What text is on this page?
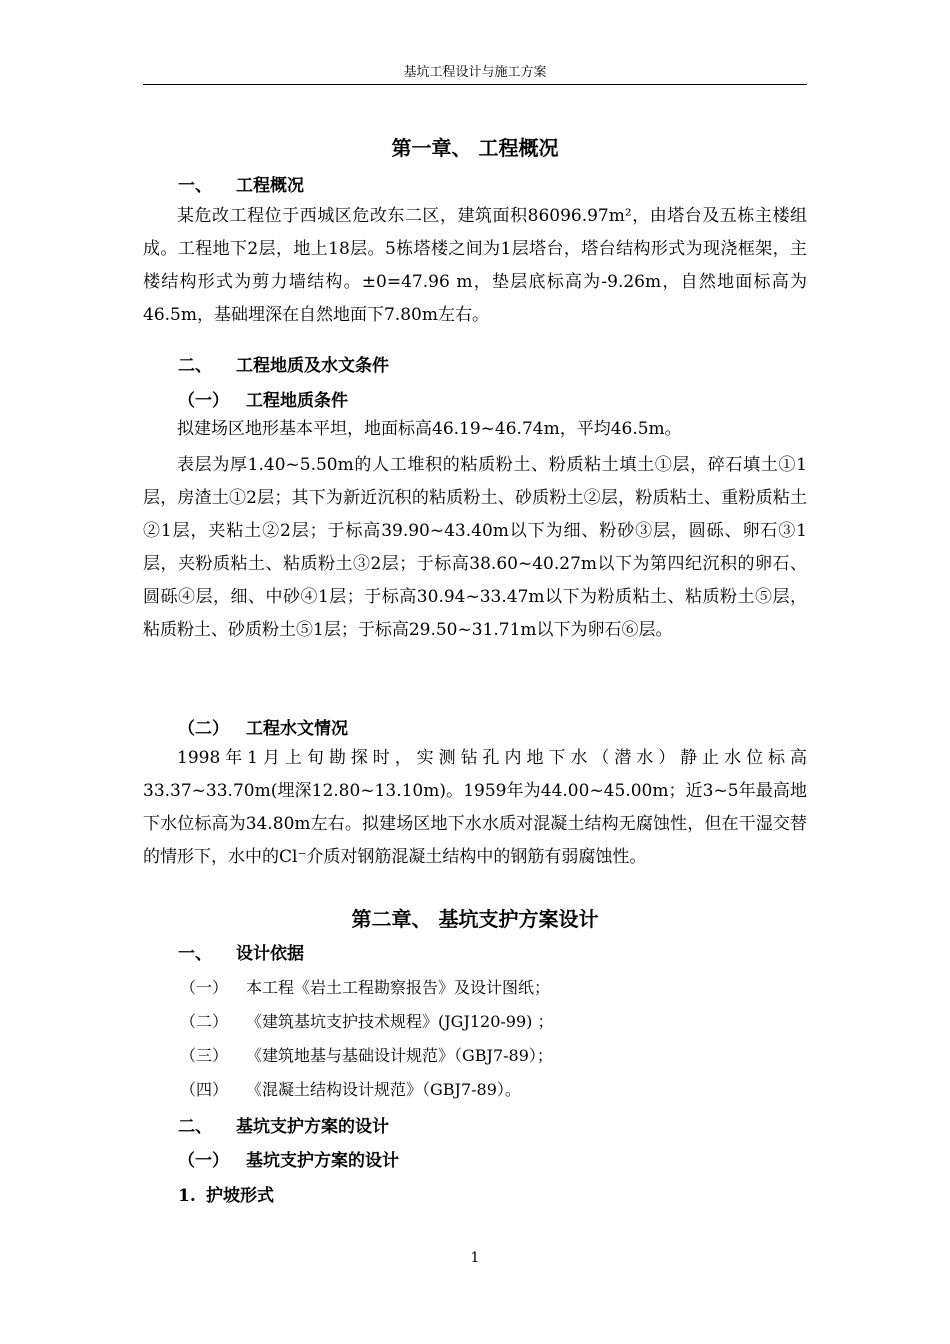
基坑工程设计与施工方案
第一章、 工程概况
一、 工程概况
某危改工程位于西城区危改东二区，建筑面积86096.97m²，由塔台及五栋主楼组成。工程地下2层，地上18层。5栋塔楼之间为1层塔台，塔台结构形式为现浇框架，主楼结构形式为剪力墙结构。±0=47.96 m，垫层底标高为-9.26m，自然地面标高为46.5m，基础埋深在自然地面下7.80m左右。
二、 工程地质及水文条件
（一） 工程地质条件
拟建场区地形基本平坦，地面标高46.19~46.74m，平均46.5m。
表层为厚1.40~5.50m的人工堆积的粘质粉土、粉质粘土填土①层，碎石填土①1层，房渣土①2层；其下为新近沉积的粘质粉土、砂质粉土②层，粉质粘土、重粉质粘土②1层，夹粘土②2层；于标高39.90~43.40m以下为细、粉砂③层，圆砾、卵石③1层，夹粉质粘土、粘质粉土③2层；于标高38.60~40.27m以下为第四纪沉积的卵石、圆砾④层，细、中砂④1层；于标高30.94~33.47m以下为粉质粘土、粘质粉土⑤层，粘质粉土、砂质粉土⑤1层；于标高29.50~31.71m以下为卵石⑥层。
（二） 工程水文情况
1998年1月上旬勘探时，实测钻孔内地下水（潜水）静止水位标高33.37~33.70m(埋深12.80~13.10m)。1959年为44.00~45.00m；近3~5年最高地下水位标高为34.80m左右。拟建场区地下水水质对混凝土结构无腐蚀性，但在干湿交替的情形下，水中的Cl⁻介质对钢筋混凝土结构中的钢筋有弱腐蚀性。
第二章、 基坑支护方案设计
一、 设计依据
（一） 本工程《岩土工程勘察报告》及设计图纸；
（二） 《建筑基坑支护技术规程》(JGJ120-99) ；
（三） 《建筑地基与基础设计规范》（GBJ7-89）；
（四） 《混凝土结构设计规范》（GBJ7-89）。
二、 基坑支护方案的设计
（一） 基坑支护方案的设计
1. 护坡形式
1
